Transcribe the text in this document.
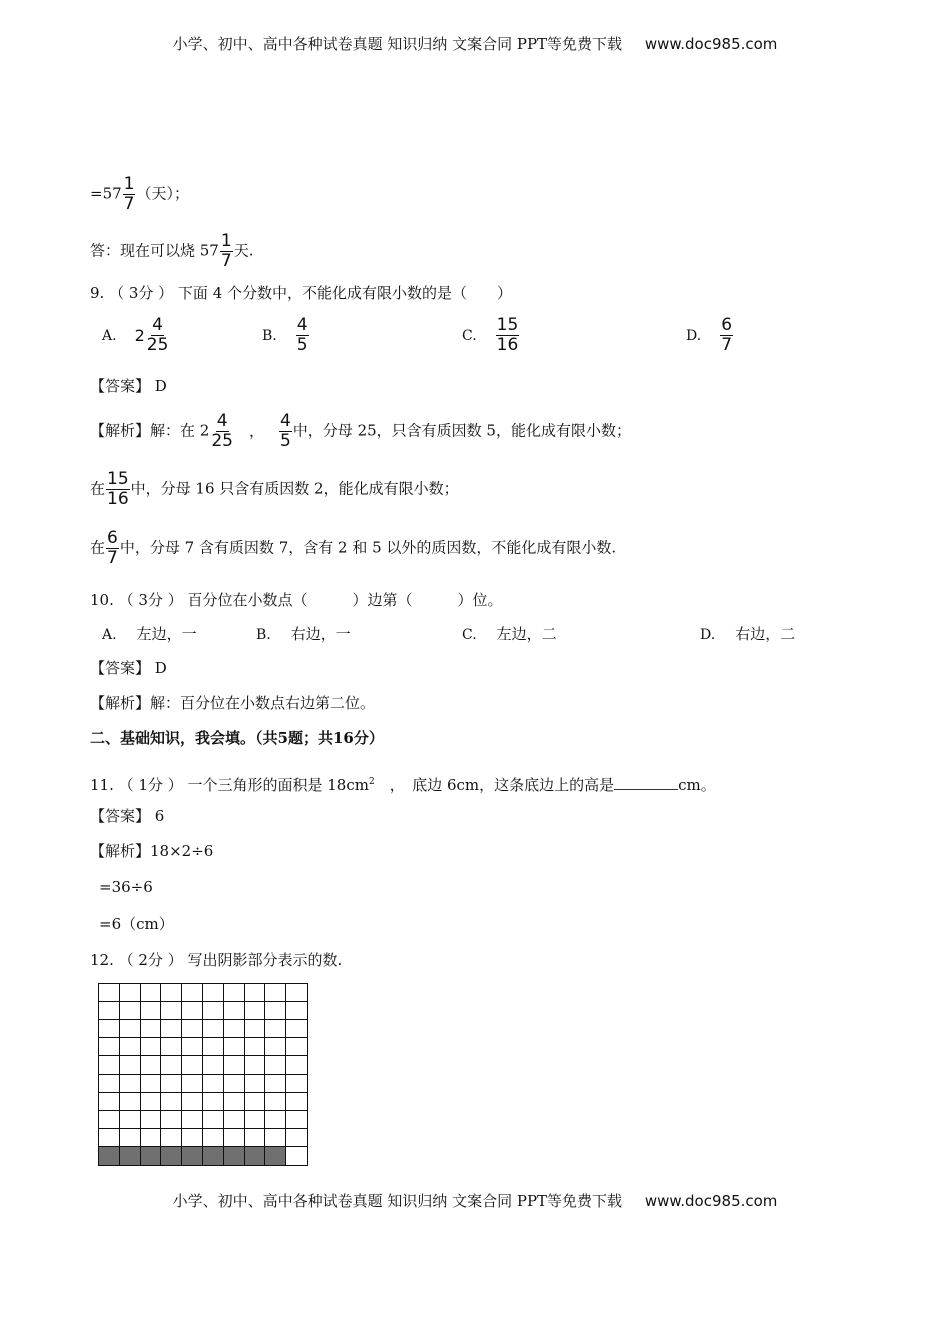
小学、初中、高中各种试卷真题 知识归纳 文案合同 PPT等免费下载 www.doc985.com
$=57 \frac{1}{7}$ （天）；
答：现在可以烧 $57 \frac{1}{7}$ 天.
9. （ 3分 ） 下面 4 个分数中，不能化成有限小数的是（　　）
A. $2 \frac{4}{25}$	B. $\frac{4}{5}$	C. $\frac{15}{16}$	D. $\frac{6}{7}$
【答案】 D
【解析】解：在 $2 \frac{4}{25}$ ， $\frac{4}{5}$ 中，分母 25，只含有质因数 5，能化成有限小数；
在 $\frac{15}{16}$ 中，分母 16 只含有质因数 2，能化成有限小数；
在 $\frac{6}{7}$ 中，分母 7 含有质因数 7，含有 2 和 5 以外的质因数，不能化成有限小数.
10. （ 3分 ） 百分位在小数点（　　　）边第（　　　）位。
A. 左边，一	B. 右边，一	C. 左边，二	D. 右边，二
【答案】 D
【解析】解：百分位在小数点右边第二位。
二、基础知识，我会填。（共5题；共16分）
11. （ 1分 ） 一个三角形的面积是 $18cm^2$　，　底边 6cm，这条底边上的高是	cm。
【答案】 6
【解析】18×2÷6
=36÷6
=6（cm）
12. （ 2分 ） 写出阴影部分表示的数.
小学、初中、高中各种试卷真题 知识归纳 文案合同 PPT等免费下载 www.doc985.com
